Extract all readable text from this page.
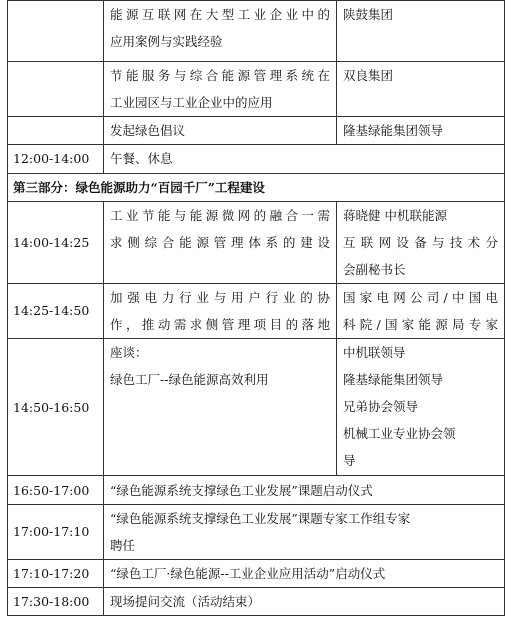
	能源互联网在大型工业企业中的
应用案例与实践经验	陕鼓集团

	节能服务与综合能源管理系统在
工业园区与工业企业中的应用	双良集团

	发起绿色倡议	隆基绿能集团领导

12:00-14:00	午餐、休息	

第三部分：绿色能源助力“百园千厂”工程建设		
14:00-14:25	工业节能与能源微网的融合一需
求侧综合能源管理体系的建设	蒋晓健 中机联能源
互联网设备与技术分
会副秘书长

14:25-14:50	加强电力行业与用户行业的协
作，推动需求侧管理项目的落地	国家电网公司/中国电
科院/国家能源局专家

14:50-16:50	座谈：
绿色工厂--绿色能源高效利用	中机联领导
隆基绿能集团领导
兄弟协会领导
机械工业专业协会领
导

16:50-17:00	“绿色能源系统支撑绿色工业发展”课题启动仪式	

17:00-17:10	“绿色能源系统支撑绿色工业发展”课题专家工作组专家
聘任	

17:10-17:20	“绿色工厂·绿色能源--工业企业应用活动”启动仪式	

17:30-18:00	现场提问交流（活动结束）	
